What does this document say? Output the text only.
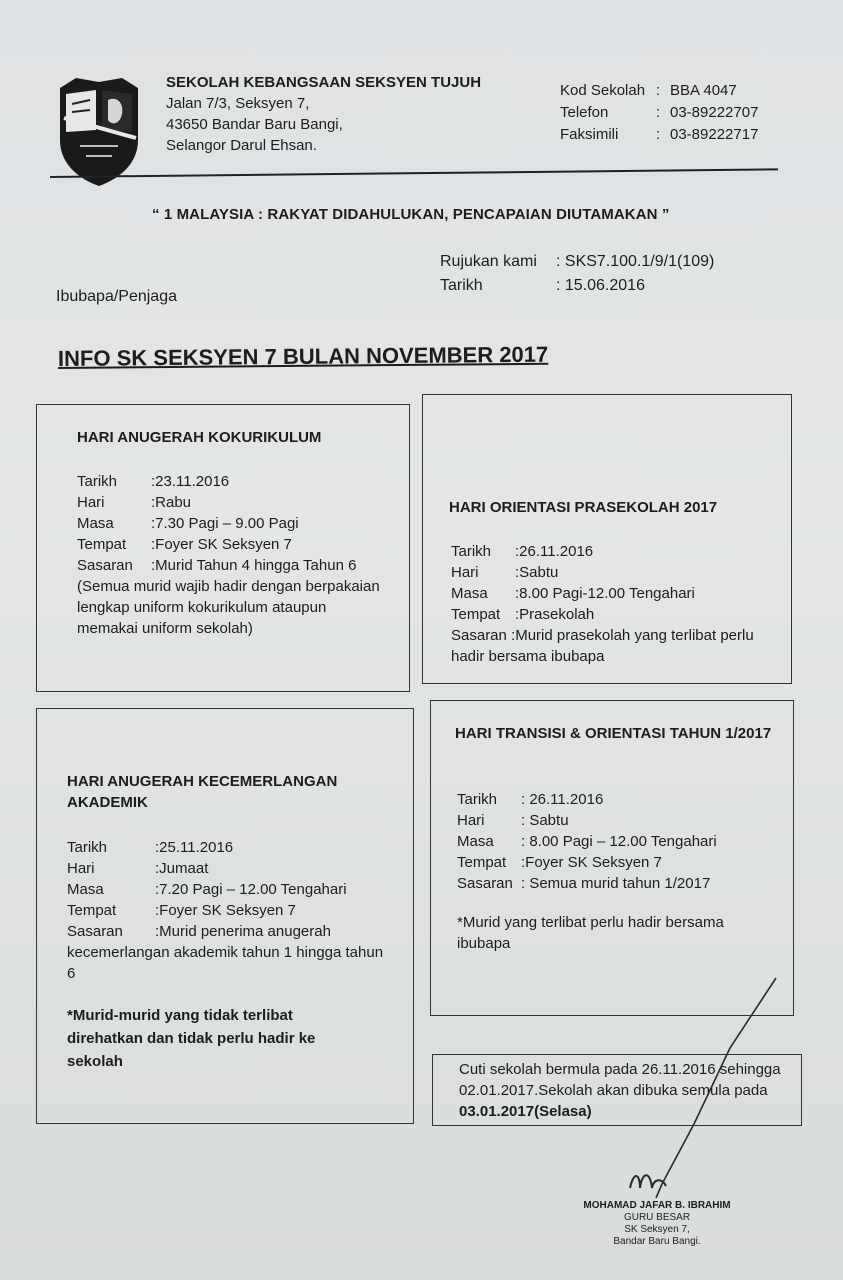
SEKOLAH KEBANGSAAN SEKSYEN TUJUH
Jalan 7/3, Seksyen 7,
43650 Bandar Baru Bangi,
Selangor Darul Ehsan.
Kod Sekolah : BBA 4047
Telefon	: 03-89222707
Faksimili	: 03-89222717
“ 1 MALAYSIA : RAKYAT DIDAHULUKAN, PENCAPAIAN DIUTAMAKAN ”
Rujukan kami	: SKS7.100.1/9/1(109)
Tarikh	: 15.06.2016
Ibubapa/Penjaga
INFO SK SEKSYEN 7 BULAN NOVEMBER 2017
HARI ANUGERAH KOKURIKULUM
Tarikh	:23.11.2016
Hari	:Rabu
Masa	:7.30 Pagi – 9.00 Pagi
Tempat	:Foyer SK Seksyen 7
Sasaran	:Murid Tahun 4 hingga Tahun 6
(Semua murid wajib hadir dengan berpakaian lengkap uniform kokurikulum ataupun memakai uniform sekolah)
HARI ORIENTASI PRASEKOLAH 2017
Tarikh	:26.11.2016
Hari	:Sabtu
Masa	:8.00 Pagi-12.00 Tengahari
Tempat :Prasekolah
Sasaran :Murid prasekolah yang terlibat perlu hadir bersama ibubapa
HARI ANUGERAH KECEMERLANGAN AKADEMIK
Tarikh	:25.11.2016
Hari	:Jumaat
Masa	:7.20 Pagi – 12.00 Tengahari
Tempat	:Foyer SK Seksyen 7
Sasaran	:Murid penerima anugerah
kecemerlangan akademik tahun 1 hingga tahun 6
*Murid-murid yang tidak terlibat direhatkan dan tidak perlu hadir ke sekolah
HARI TRANSISI & ORIENTASI TAHUN 1/2017
Tarikh	: 26.11.2016
Hari	: Sabtu
Masa	: 8.00 Pagi – 12.00 Tengahari
Tempat :Foyer SK Seksyen 7
Sasaran : Semua murid tahun 1/2017
*Murid yang terlibat perlu hadir bersama ibubapa
Cuti sekolah bermula pada 26.11.2016 sehingga 02.01.2017.Sekolah akan dibuka semula pada 03.01.2017(Selasa)
MOHAMAD JAFAR B. IBRAHIM
GURU BESAR
SK Seksyen 7,
Bandar Baru Bangi.
